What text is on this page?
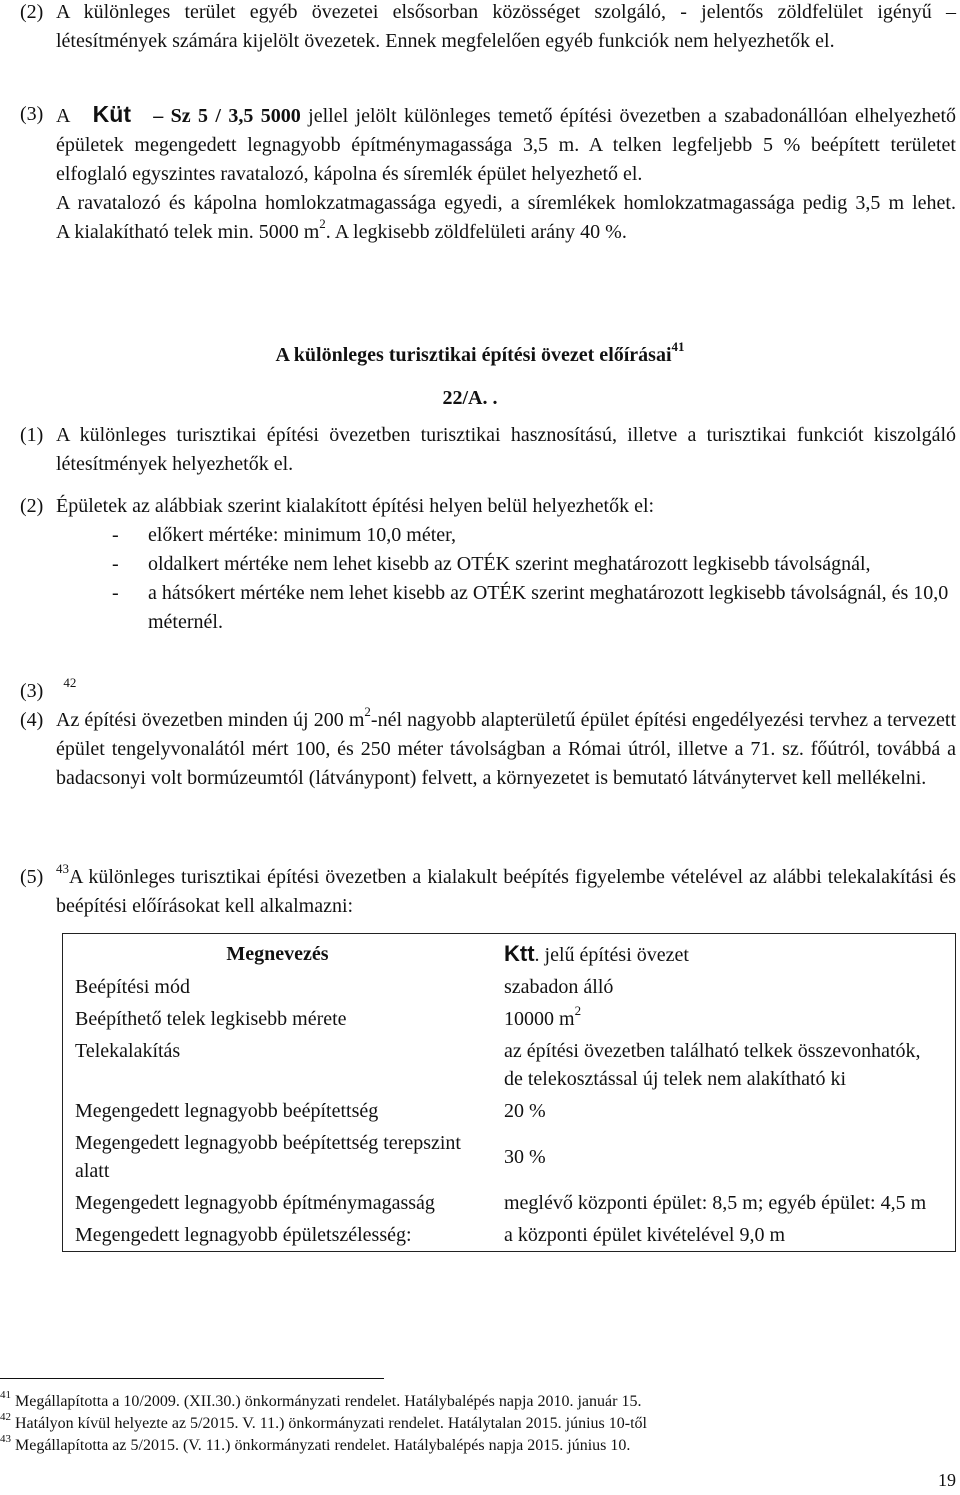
(2) A különleges terület egyéb övezetei elsősorban közösséget szolgáló, - jelentős zöldfelület igényű – létesítmények számára kijelölt övezetek. Ennek megfelelően egyéb funkciók nem helyezhetők el.
(3) A Küt – Sz 5 / 3,5 5000 jellel jelölt különleges temető építési övezetben a szabadonállóan elhelyezhető épületek megengedett legnagyobb építménymagassága 3,5 m. A telken legfeljebb 5 % beépített területet elfoglaló egyszintes ravatalozó, kápolna és síremlék épület helyezhető el.
A ravatalozó és kápolna homlokzatmagassága egyedi, a síremlékek homlokzatmagassága pedig 3,5 m lehet.
A kialakítható telek min. 5000 $m^2$. A legkisebb zöldfelületi arány 40 %.
A különleges turisztikai építési övezet előírásai$^{41}$
22/A. .
(1) A különleges turisztikai építési övezetben turisztikai hasznosítású, illetve a turisztikai funkciót kiszolgáló létesítmények helyezhetők el.
(2) Épületek az alábbiak szerint kialakított építési helyen belül helyezhetők el:
- előkert mértéke: minimum 10,0 méter,
- oldalkert mértéke nem lehet kisebb az OTÉK szerint meghatározott legkisebb távolságnál,
- a hátsókert mértéke nem lehet kisebb az OTÉK szerint meghatározott legkisebb távolságnál, és 10,0 méternél.
(3) $^{42}$
(4) Az építési övezetben minden új 200 $m^2$-nél nagyobb alapterületű épület építési engedélyezési tervhez a tervezett épület tengelyvonalától mért 100, és 250 méter távolságban a Római útról, illetve a 71. sz. főútról, továbbá a badacsonyi volt bormúzeumtól (látványpont) felvett, a környezetet is bemutató látványtervet kell mellékelni.
(5) $^{43}$A különleges turisztikai építési övezetben a kialakult beépítés figyelembe vételével az alábbi telekalakítási és beépítési előírásokat kell alkalmazni:
Megnevezés	Ktt. jelű építési övezet
Beépítési mód	szabadon álló
Beépíthető telek legkisebb mérete	10000 $m^2$
Telekalakítás	az építési övezetben található telkek összevonhatók, de telekosztással új telek nem alakítható ki
Megengedett legnagyobb beépítettség	20 %
Megengedett legnagyobb beépítettség terepszint alatt	30 %
Megengedett legnagyobb építménymagasság	meglévő központi épület: 8,5 m; egyéb épület: 4,5 m
Megengedett legnagyobb épületszélesség:	a központi épület kivételével 9,0 m
$^{41}$ Megállapította a 10/2009. (XII.30.) önkormányzati rendelet. Hatálybalépés napja 2010. január 15.
$^{42}$ Hatályon kívül helyezte az 5/2015. V. 11.) önkormányzati rendelet. Hatálytalan 2015. június 10-től
$^{43}$ Megállapította az 5/2015. (V. 11.) önkormányzati rendelet. Hatálybalépés napja 2015. június 10.
19
